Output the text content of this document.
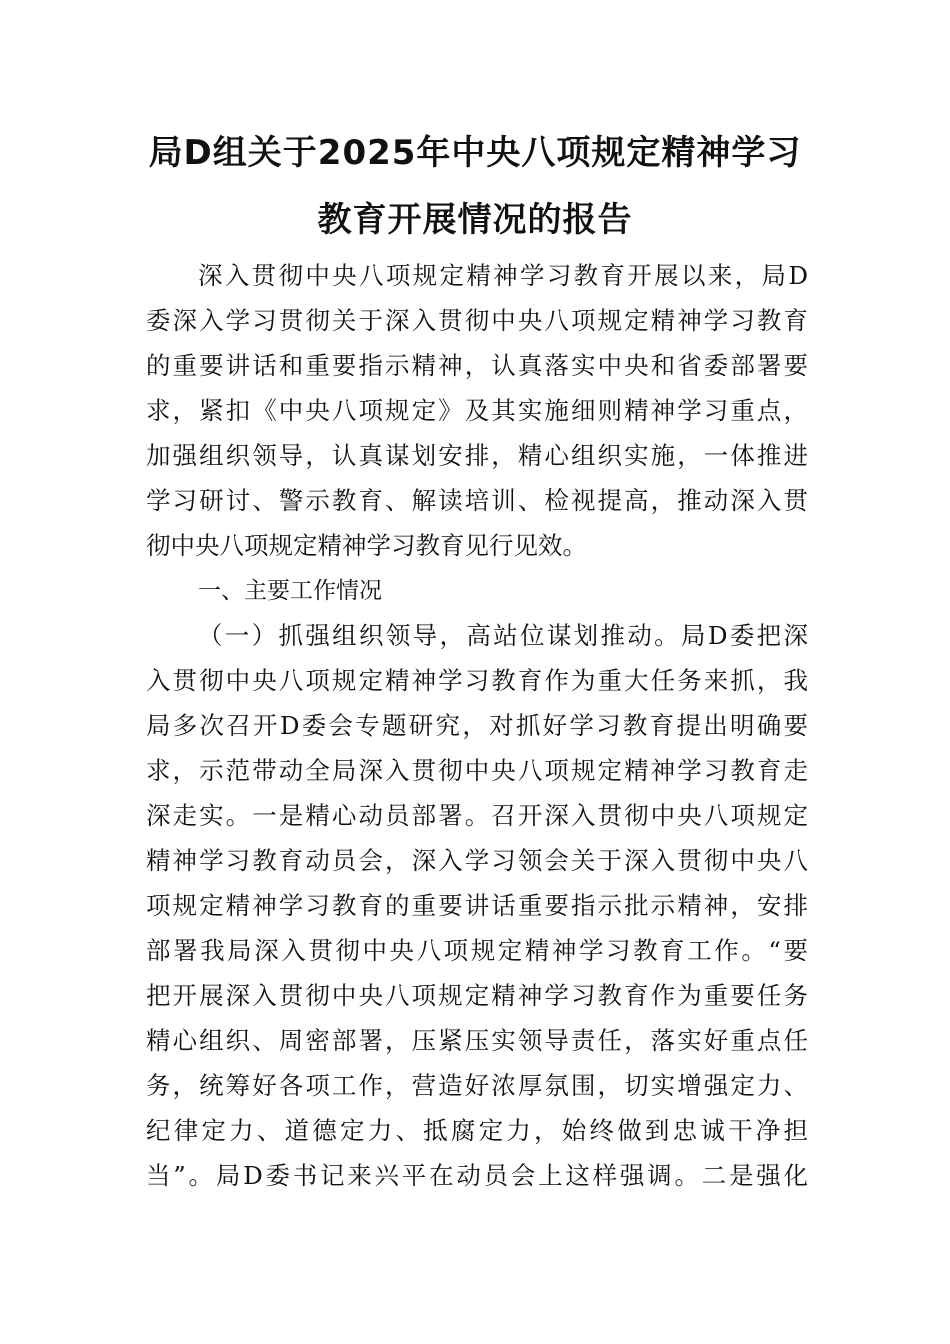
局D组关于2025年中央八项规定精神学习
教育开展情况的报告
深入贯彻中央八项规定精神学习教育开展以来，局D
委深入学习贯彻关于深入贯彻中央八项规定精神学习教育
的重要讲话和重要指示精神，认真落实中央和省委部署要
求，紧扣《中央八项规定》及其实施细则精神学习重点，
加强组织领导，认真谋划安排，精心组织实施，一体推进
学习研讨、警示教育、解读培训、检视提高，推动深入贯
彻中央八项规定精神学习教育见行见效。
一、主要工作情况
（一）抓强组织领导，高站位谋划推动。局D委把深
入贯彻中央八项规定精神学习教育作为重大任务来抓，我
局多次召开D委会专题研究，对抓好学习教育提出明确要
求，示范带动全局深入贯彻中央八项规定精神学习教育走
深走实。一是精心动员部署。召开深入贯彻中央八项规定
精神学习教育动员会，深入学习领会关于深入贯彻中央八
项规定精神学习教育的重要讲话重要指示批示精神，安排
部署我局深入贯彻中央八项规定精神学习教育工作。“要
把开展深入贯彻中央八项规定精神学习教育作为重要任务
精心组织、周密部署，压紧压实领导责任，落实好重点任
务，统筹好各项工作，营造好浓厚氛围，切实增强定力、
纪律定力、道德定力、抵腐定力，始终做到忠诚干净担
当”。局D委书记来兴平在动员会上这样强调。二是强化
